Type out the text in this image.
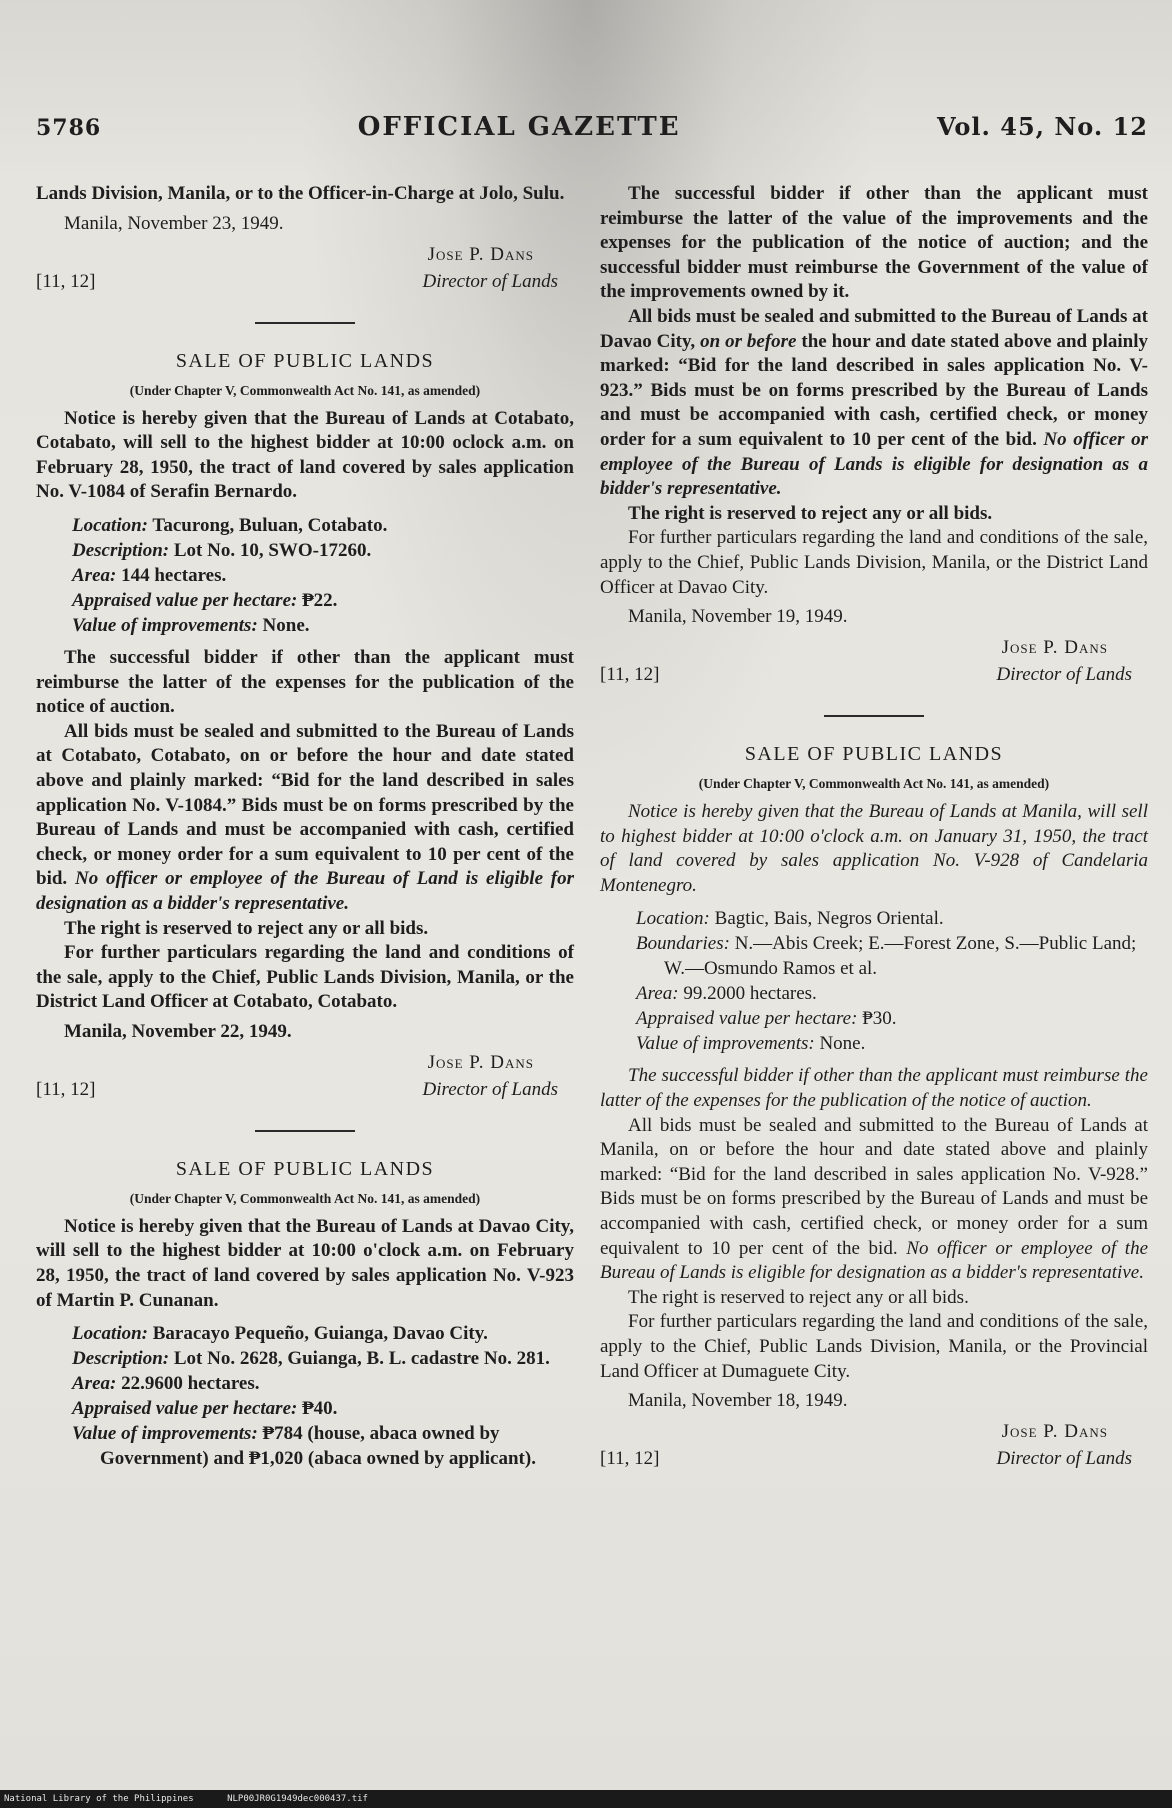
5786	OFFICIAL GAZETTE	Vol. 45, No. 12

Lands Division, Manila, or to the Officer-in-Charge at Jolo, Sulu.

Manila, November 23, 1949.

Jose P. Dans
[11, 12]	Director of Lands

SALE OF PUBLIC LANDS

(Under Chapter V, Commonwealth Act No. 141, as amended)

Notice is hereby given that the Bureau of Lands at Cotabato, Cotabato, will sell to the highest bidder at 10:00 oclock a.m. on February 28, 1950, the tract of land covered by sales application No. V-1084 of Serafin Bernardo.

Location: Tacurong, Buluan, Cotabato.

Description: Lot No. 10, SWO-17260.

Area: 144 hectares.

Appraised value per hectare: ₱22.

Value of improvements: None.

The successful bidder if other than the applicant must reimburse the latter of the expenses for the publication of the notice of auction.

All bids must be sealed and submitted to the Bureau of Lands at Cotabato, Cotabato, on or before the hour and date stated above and plainly marked: “Bid for the land described in sales application No. V-1084.” Bids must be on forms prescribed by the Bureau of Lands and must be accompanied with cash, certified check, or money order for a sum equivalent to 10 per cent of the bid. No officer or employee of the Bureau of Land is eligible for designation as a bidder's representative.

The right is reserved to reject any or all bids.

For further particulars regarding the land and conditions of the sale, apply to the Chief, Public Lands Division, Manila, or the District Land Officer at Cotabato, Cotabato.

Manila, November 22, 1949.

Jose P. Dans
[11, 12]	Director of Lands

SALE OF PUBLIC LANDS

(Under Chapter V, Commonwealth Act No. 141, as amended)

Notice is hereby given that the Bureau of Lands at Davao City, will sell to the highest bidder at 10:00 o'clock a.m. on February 28, 1950, the tract of land covered by sales application No. V-923 of Martin P. Cunanan.

Location: Baracayo Pequeño, Guianga, Davao City.

Description: Lot No. 2628, Guianga, B. L. cadastre No. 281.

Area: 22.9600 hectares.

Appraised value per hectare: ₱40.

Value of improvements: ₱784 (house, abaca owned by Government) and ₱1,020 (abaca owned by applicant).

The successful bidder if other than the applicant must reimburse the latter of the value of the improvements and the expenses for the publication of the notice of auction; and the successful bidder must reimburse the Government of the value of the improvements owned by it.

All bids must be sealed and submitted to the Bureau of Lands at Davao City, on or before the hour and date stated above and plainly marked: “Bid for the land described in sales application No. V-923.” Bids must be on forms prescribed by the Bureau of Lands and must be accompanied with cash, certified check, or money order for a sum equivalent to 10 per cent of the bid. No officer or employee of the Bureau of Lands is eligible for designation as a bidder's representative.

The right is reserved to reject any or all bids.

For further particulars regarding the land and conditions of the sale, apply to the Chief, Public Lands Division, Manila, or the District Land Officer at Davao City.

Manila, November 19, 1949.

Jose P. Dans
[11, 12]	Director of Lands

SALE OF PUBLIC LANDS

(Under Chapter V, Commonwealth Act No. 141, as amended)

Notice is hereby given that the Bureau of Lands at Manila, will sell to highest bidder at 10:00 o'clock a.m. on January 31, 1950, the tract of land covered by sales application No. V-928 of Candelaria Montenegro.

Location: Bagtic, Bais, Negros Oriental.

Boundaries: N.—Abis Creek; E.—Forest Zone, S.—Public Land; W.—Osmundo Ramos et al.

Area: 99.2000 hectares.

Appraised value per hectare: ₱30.

Value of improvements: None.

The successful bidder if other than the applicant must reimburse the latter of the expenses for the publication of the notice of auction.

All bids must be sealed and submitted to the Bureau of Lands at Manila, on or before the hour and date stated above and plainly marked: “Bid for the land described in sales application No. V-928.” Bids must be on forms prescribed by the Bureau of Lands and must be accompanied with cash, certified check, or money order for a sum equivalent to 10 per cent of the bid. No officer or employee of the Bureau of Lands is eligible for designation as a bidder's representative.

The right is reserved to reject any or all bids.

For further particulars regarding the land and conditions of the sale, apply to the Chief, Public Lands Division, Manila, or the Provincial Land Officer at Dumaguete City.

Manila, November 18, 1949.

Jose P. Dans
[11, 12]	Director of Lands
National Library of the Philippines	NLP00JR0G1949dec000437.tif
